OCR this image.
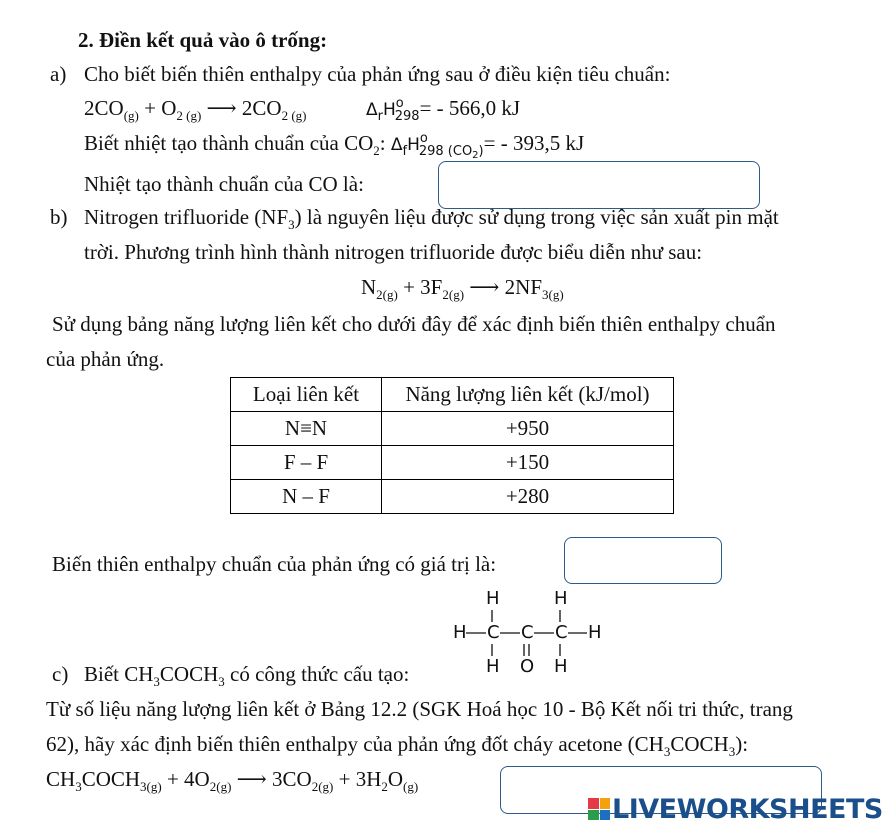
2. Điền kết quả vào ô trống:
a) Cho biết biến thiên enthalpy của phản ứng sau ở điều kiện tiêu chuẩn:
$2CO_{(g)} + O_{2 (g)}$ ⟶ $2CO_{2 (g)}$	$\Delta_rH^o_{298}= - 566,0$ kJ
Biết nhiệt tạo thành chuẩn của $CO_2$: $\Delta_fH^o_{298 (CO_2)}= - 393,5$ kJ
Nhiệt tạo thành chuẩn của CO là:
b) Nitrogen trifluoride $(NF_3)$ là nguyên liệu được sử dụng trong việc sản xuất pin mặt
trời. Phương trình hình thành nitrogen trifluoride được biểu diễn như sau:
$N_{2(g)} + 3F_{2(g)}$ ⟶ $2NF_{3(g)}$
Sử dụng bảng năng lượng liên kết cho dưới đây để xác định biến thiên enthalpy chuẩn
của phản ứng.
Loại liên kết	Năng lượng liên kết (kJ/mol)
N≡N	+950
F – F	+150
N – F	+280
Biến thiên enthalpy chuẩn của phản ứng có giá trị là:
H	H
H C C C H
H O H
c) Biết $CH_3COCH_3$ có công thức cấu tạo:
Từ số liệu năng lượng liên kết ở Bảng 12.2 (SGK Hoá học 10 - Bộ Kết nối tri thức, trang
62), hãy xác định biến thiên enthalpy của phản ứng đốt cháy acetone $(CH_3COCH_3)$:
$CH_3COCH_{3(g)} + 4O_{2(g)}$ ⟶ $3CO_{2(g)} + 3H_2O_{(g)}$
LIVEWORKSHEETS
